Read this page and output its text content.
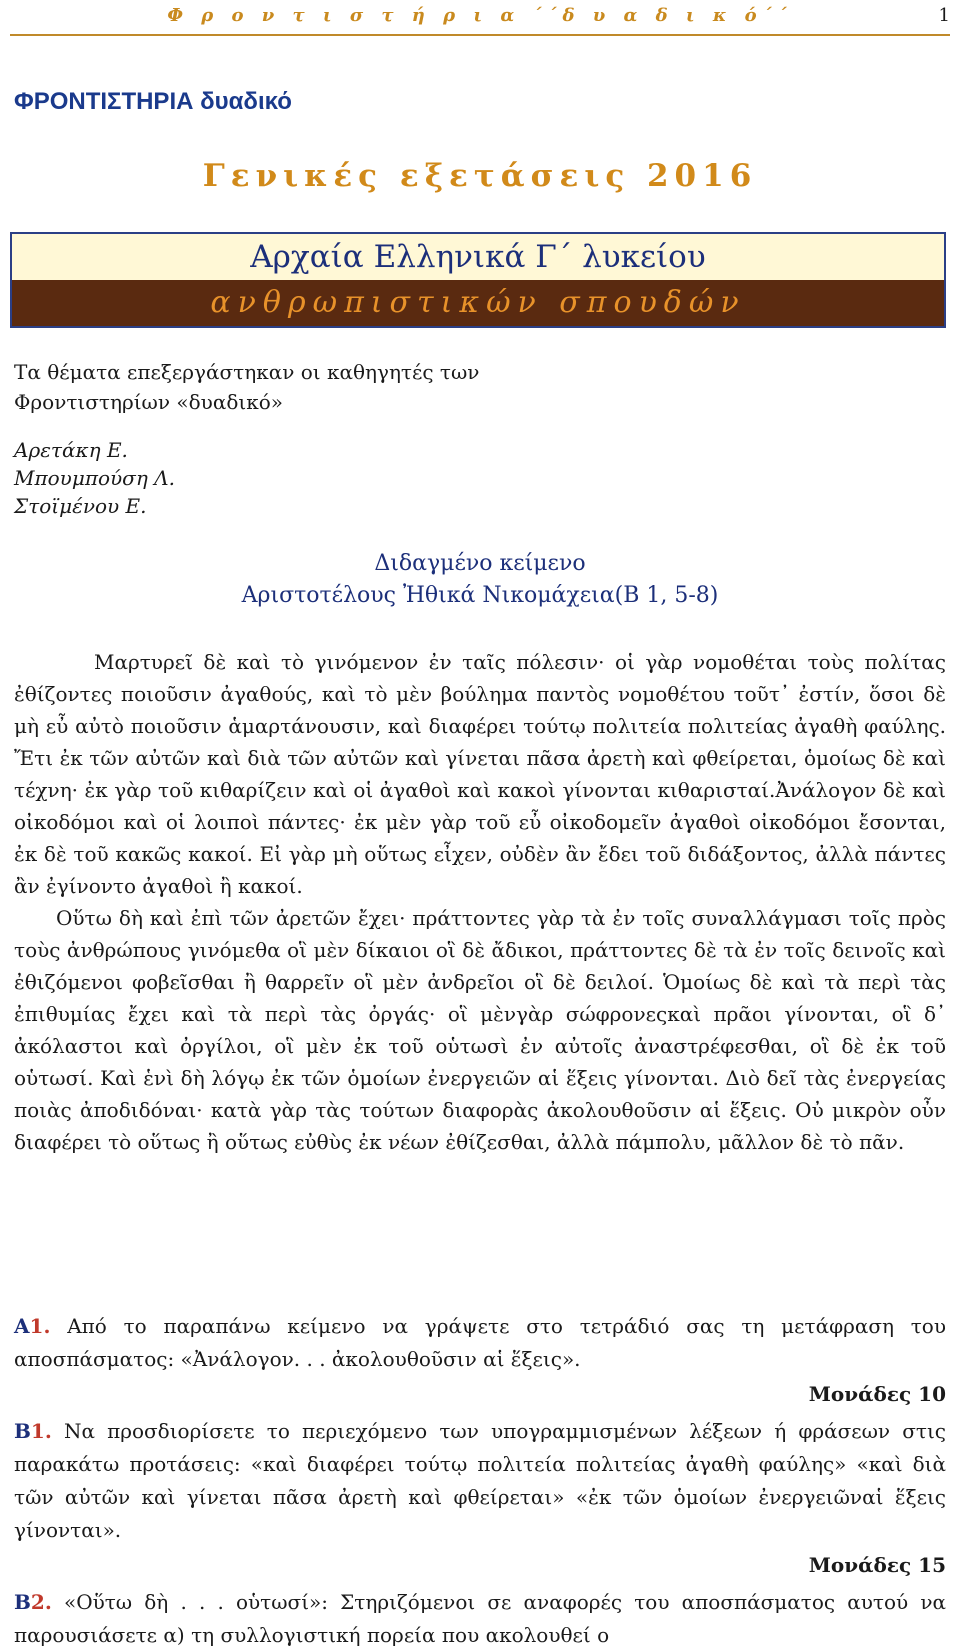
Φ ρ ο ν τ ι σ τ ή ρ ι α ΄΄δ υ α δ ι κ ό΄΄	1
ΦΡΟΝΤΙΣΤΗΡΙΑ δυαδικό
Γενικές εξετάσεις 2016
Αρχαία Ελληνικά Γ΄ λυκείου
ανθρωπιστικών σπουδών
Τα θέματα επεξεργάστηκαν οι καθηγητές των
Φροντιστηρίων «δυαδικό»
Αρετάκη Ε.
Μπουμπούση Λ.
Στοϊμένου Ε.
Διδαγμένο κείμενο
Αριστοτέλους Ἠθικά Νικομάχεια(Β 1, 5-8)

Μαρτυρεῖ δὲ καὶ τὸ γινόμενον ἐν ταῖς πόλεσιν· οἱ γὰρ νομοθέται τοὺς πολίτας ἐθίζοντες ποιοῦσιν ἀγαθούς, καὶ τὸ μὲν βούλημα παντὸς νομοθέτου τοῦτ᾽ ἐστίν, ὅσοι δὲ μὴ εὖ αὐτὸ ποιοῦσιν ἁμαρτάνουσιν, καὶ διαφέρει τούτῳ πολιτεία πολιτείας ἀγαθὴ φαύλης. Ἔτι ἐκ τῶν αὐτῶν καὶ διὰ τῶν αὐτῶν καὶ γίνεται πᾶσα ἀρετὴ καὶ φθείρεται, ὁμοίως δὲ καὶ τέχνη· ἐκ γὰρ τοῦ κιθαρίζειν καὶ οἱ ἀγαθοὶ καὶ κακοὶ γίνονται κιθαρισταί.Ἀνάλογον δὲ καὶ οἰκοδόμοι καὶ οἱ λοιποὶ πάντες· ἐκ μὲν γὰρ τοῦ εὖ οἰκοδομεῖν ἀγαθοὶ οἰκοδόμοι ἔσονται, ἐκ δὲ τοῦ κακῶς κακοί. Εἰ γὰρ μὴ οὕτως εἶχεν, οὐδὲν ἂν ἔδει τοῦ διδάξοντος, ἀλλὰ πάντες ἂν ἐγίνοντο ἀγαθοὶ ἢ κακοί.

Οὕτω δὴ καὶ ἐπὶ τῶν ἀρετῶν ἔχει· πράττοντες γὰρ τὰ ἐν τοῖς συναλλάγμασι τοῖς πρὸς τοὺς ἀνθρώπους γινόμεθα οἳ μὲν δίκαιοι οἳ δὲ ἄδικοι, πράττοντες δὲ τὰ ἐν τοῖς δεινοῖς καὶ ἐθιζόμενοι φοβεῖσθαι ἢ θαρρεῖν οἳ μὲν ἀνδρεῖοι οἳ δὲ δειλοί. Ὁμοίως δὲ καὶ τὰ περὶ τὰς ἐπιθυμίας ἔχει καὶ τὰ περὶ τὰς ὀργάς· οἳ μὲνγὰρ σώφρονεςκαὶ πρᾶοι γίνονται, οἳ δ᾽ ἀκόλαστοι καὶ ὀργίλοι, οἳ μὲν ἐκ τοῦ οὑτωσὶ ἐν αὐτοῖς ἀναστρέφεσθαι, οἳ δὲ ἐκ τοῦ οὑτωσί. Καὶ ἑνὶ δὴ λόγῳ ἐκ τῶν ὁμοίων ἐνεργειῶν αἱ ἕξεις γίνονται. Διὸ δεῖ τὰς ἐνεργείας ποιὰς ἀποδιδόναι· κατὰ γὰρ τὰς τούτων διαφορὰς ἀκολουθοῦσιν αἱ ἕξεις. Οὐ μικρὸν οὖν διαφέρει τὸ οὕτως ἢ οὕτως εὐθὺς ἐκ νέων ἐθίζεσθαι, ἀλλὰ πάμπολυ, μᾶλλον δὲ τὸ πᾶν.

Α1. Από το παραπάνω κείμενο να γράψετε στο τετράδιό σας τη μετάφραση του αποσπάσματος: «Ἀνάλογον. . . ἀκολουθοῦσιν αἱ ἕξεις».

Μονάδες 10

Β1. Να προσδιορίσετε το περιεχόμενο των υπογραμμισμένων λέξεων ή φράσεων στις παρακάτω προτάσεις: «καὶ διαφέρει τούτῳ πολιτεία πολιτείας ἀγαθὴ φαύλης» «καὶ διὰ τῶν αὐτῶν καὶ γίνεται πᾶσα ἀρετὴ καὶ φθείρεται» «ἐκ τῶν ὁμοίων ἐνεργειῶναἱ ἕξεις γίνονται».

Μονάδες 15

Β2. «Οὕτω δὴ . . . οὑτωσί»: Στηριζόμενοι σε αναφορές του αποσπάσματος αυτού να παρουσιάσετε α) τη συλλογιστική πορεία που ακολουθεί ο
